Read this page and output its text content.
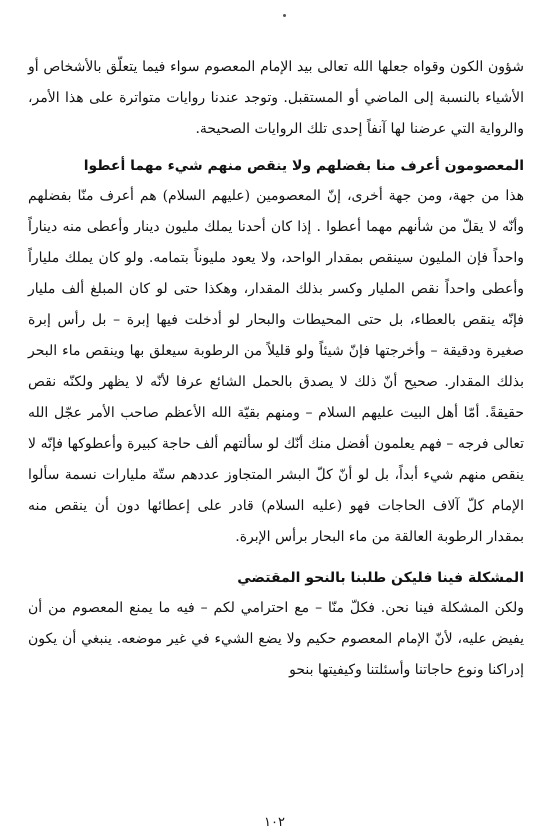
شؤون الكون وقواه جعلها الله تعالى بيد الإمام المعصوم سواء فيما يتعلّق بالأشخاص أو الأشياء بالنسبة إلى الماضي أو المستقبل. وتوجد عندنا روايات متواترة على هذا الأمر، والرواية التي عرضنا لها آنفاً إحدى تلك الروايات الصحيحة.

المعصومون أعرف منا بفضلهم ولا ينقص منهم شيء مهما أعطوا

هذا من جهة، ومن جهة أخرى، إنّ المعصومين (عليهم السلام) هم أعرف منّا بفضلهم وأنّه لا يقلّ من شأنهم مهما أعطوا . إذا كان أحدنا يملك مليون دينار وأعطى منه ديناراً واحداً فإن المليون سينقص بمقدار الواحد، ولا يعود مليوناً بتمامه. ولو كان يملك ملياراً وأعطى واحداً نقص المليار وكسر بذلك المقدار، وهكذا حتى لو كان المبلغ ألف مليار فإنّه ينقص بالعطاء، بل حتى المحيطات والبحار لو أدخلت فيها إبرة – بل رأس إبرة صغيرة ودقيقة – وأخرجتها فإنّ شيئاً ولو قليلاً من الرطوبة سيعلق بها وينقص ماء البحر بذلك المقدار. صحيح أنّ ذلك لا يصدق بالحمل الشائع عرفا لأنّه لا يظهر ولكنّه نقص حقيقةً. أمّا أهل البيت عليهم السلام – ومنهم بقيّة الله الأعظم صاحب الأمر عجّل الله تعالى فرجه – فهم يعلمون أفضل منك أنّك لو سألتهم ألف حاجة كبيرة وأعطوكها فإنّه لا ينقص منهم شيء أبداً، بل لو أنّ كلّ البشر المتجاوز عددهم ستّة مليارات نسمة سألوا الإمام كلّ آلاف الحاجات فهو (عليه السلام) قادر على إعطائها دون أن ينقص منه بمقدار الرطوبة العالقة من ماء البحار برأس الإبرة.

المشكلة فينا فليكن طلبنا بالنحو المقتضي

ولكن المشكلة فينا نحن. فكلّ منّا – مع احترامي لكم – فيه ما يمنع المعصوم من أن يفيض عليه، لأنّ الإمام المعصوم حكيم ولا يضع الشيء في غير موضعه. ينبغي أن يكون إدراكنا ونوع حاجاتنا وأسئلتنا وكيفيتها بنحو

١٠٢
